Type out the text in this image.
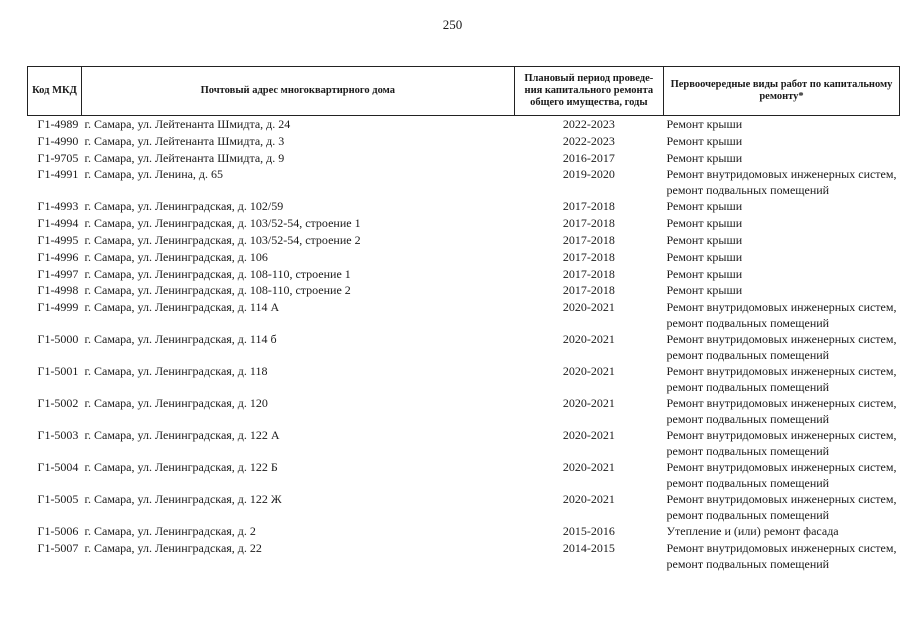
250
Код МКД	Почтовый адрес многоквартирного дома	Плановый период проведе-ния капитального ремонта общего имущества, годы	Первоочередные виды работ по капитальному ремонту*
Г1-4989	г. Самара, ул. Лейтенанта Шмидта, д. 24	2022-2023	Ремонт крыши

Г1-4990	г. Самара, ул. Лейтенанта Шмидта, д. 3	2022-2023	Ремонт крыши

Г1-9705	г. Самара, ул. Лейтенанта Шмидта, д. 9	2016-2017	Ремонт крыши

Г1-4991	г. Самара, ул. Ленина, д. 65	2019-2020	Ремонт внутридомовых инженерных систем,
ремонт подвальных помещений

Г1-4993	г. Самара, ул. Ленинградская, д. 102/59	2017-2018	Ремонт крыши

Г1-4994	г. Самара, ул. Ленинградская, д. 103/52-54, строение 1	2017-2018	Ремонт крыши

Г1-4995	г. Самара, ул. Ленинградская, д. 103/52-54, строение 2	2017-2018	Ремонт крыши

Г1-4996	г. Самара, ул. Ленинградская, д. 106	2017-2018	Ремонт крыши

Г1-4997	г. Самара, ул. Ленинградская, д. 108-110, строение 1	2017-2018	Ремонт крыши

Г1-4998	г. Самара, ул. Ленинградская, д. 108-110, строение 2	2017-2018	Ремонт крыши

Г1-4999	г. Самара, ул. Ленинградская, д. 114 А	2020-2021	Ремонт внутридомовых инженерных систем,
ремонт подвальных помещений

Г1-5000	г. Самара, ул. Ленинградская, д. 114 б	2020-2021	Ремонт внутридомовых инженерных систем,
ремонт подвальных помещений

Г1-5001	г. Самара, ул. Ленинградская, д. 118	2020-2021	Ремонт внутридомовых инженерных систем,
ремонт подвальных помещений

Г1-5002	г. Самара, ул. Ленинградская, д. 120	2020-2021	Ремонт внутридомовых инженерных систем,
ремонт подвальных помещений

Г1-5003	г. Самара, ул. Ленинградская, д. 122 А	2020-2021	Ремонт внутридомовых инженерных систем,
ремонт подвальных помещений

Г1-5004	г. Самара, ул. Ленинградская, д. 122 Б	2020-2021	Ремонт внутридомовых инженерных систем,
ремонт подвальных помещений

Г1-5005	г. Самара, ул. Ленинградская, д. 122 Ж	2020-2021	Ремонт внутридомовых инженерных систем,
ремонт подвальных помещений

Г1-5006	г. Самара, ул. Ленинградская, д. 2	2015-2016	Утепление и (или) ремонт фасада

Г1-5007	г. Самара, ул. Ленинградская, д. 22	2014-2015	Ремонт внутридомовых инженерных систем,
ремонт подвальных помещений
